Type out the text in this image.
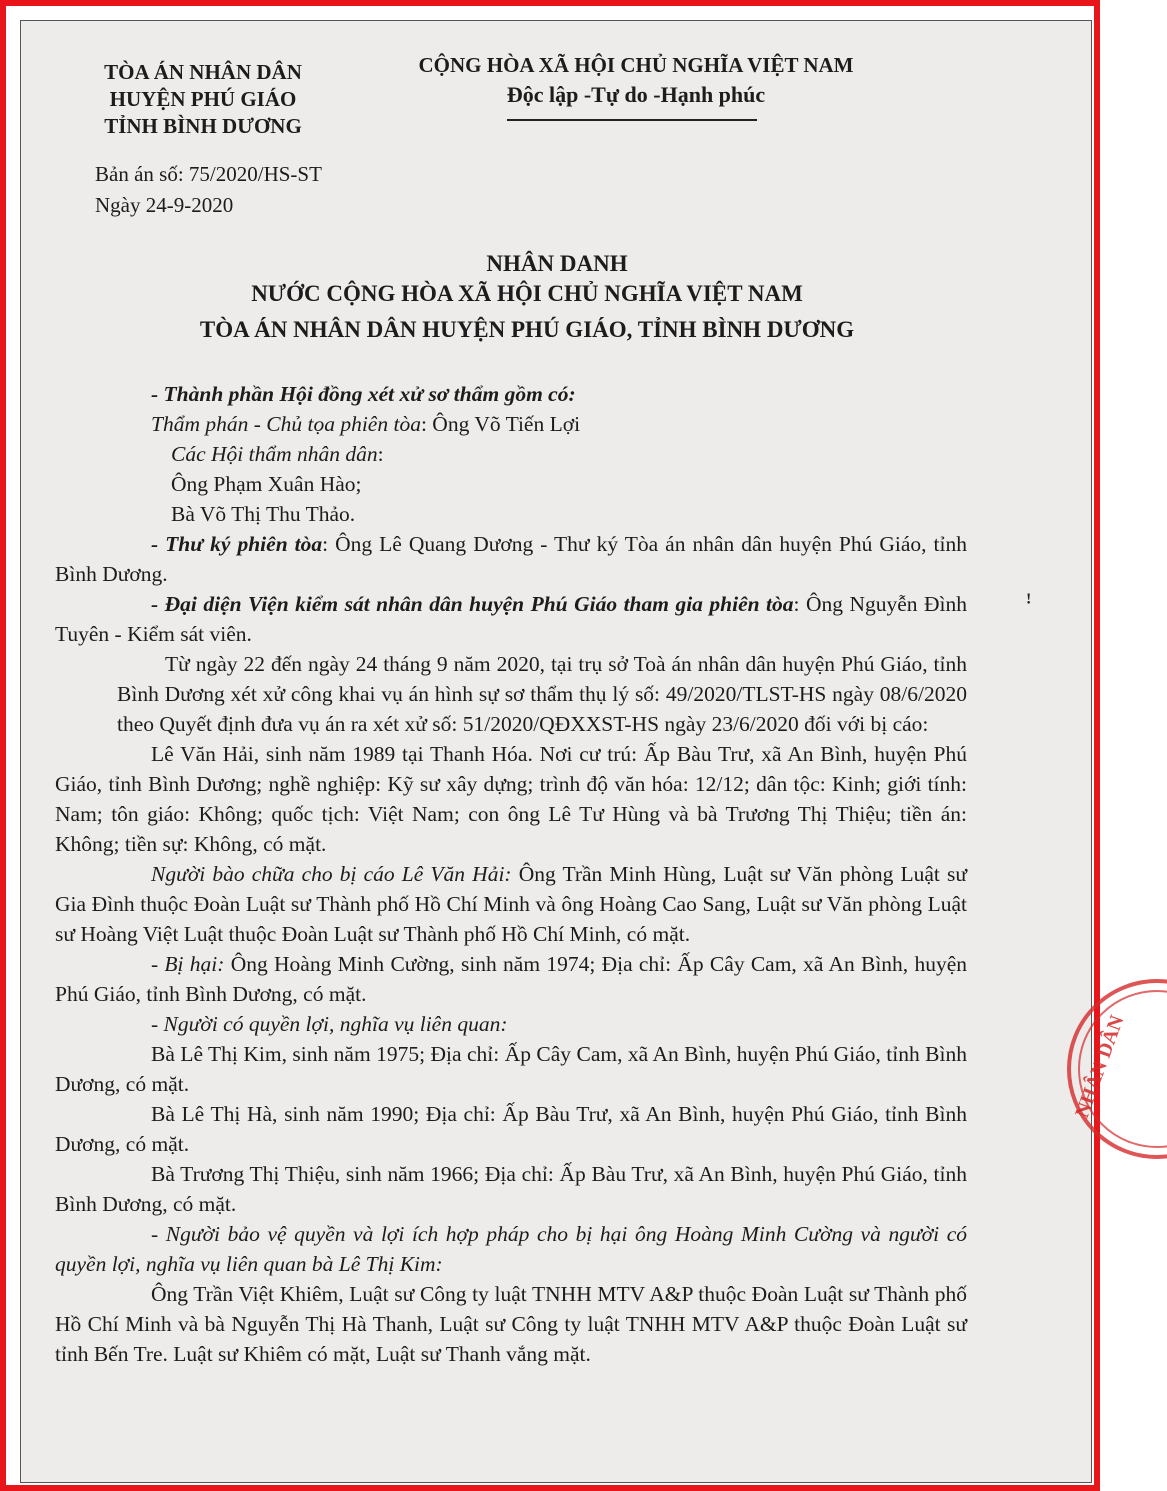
TÒA ÁN NHÂN DÂN
HUYỆN PHÚ GIÁO
TỈNH BÌNH DƯƠNG
CỘNG HÒA XÃ HỘI CHỦ NGHĨA VIỆT NAM
Độc lập -Tự do -Hạnh phúc
Bản án số: 75/2020/HS-ST
Ngày 24-9-2020
NHÂN DANH
NƯỚC CỘNG HÒA XÃ HỘI CHỦ NGHĨA VIỆT NAM
TÒA ÁN NHÂN DÂN HUYỆN PHÚ GIÁO, TỈNH BÌNH DƯƠNG

- Thành phần Hội đồng xét xử sơ thẩm gồm có:

Thẩm phán - Chủ tọa phiên tòa: Ông Võ Tiến Lợi

Các Hội thẩm nhân dân:

Ông Phạm Xuân Hào;

Bà Võ Thị Thu Thảo.

- Thư ký phiên tòa: Ông Lê Quang Dương - Thư ký Tòa án nhân dân huyện Phú Giáo, tỉnh Bình Dương.

- Đại diện Viện kiểm sát nhân dân huyện Phú Giáo tham gia phiên tòa: Ông Nguyễn Đình Tuyên - Kiểm sát viên.

Từ ngày 22 đến ngày 24 tháng 9 năm 2020, tại trụ sở Toà án nhân dân huyện Phú Giáo, tỉnh Bình Dương xét xử công khai vụ án hình sự sơ thẩm thụ lý số: 49/2020/TLST-HS ngày 08/6/2020 theo Quyết định đưa vụ án ra xét xử số: 51/2020/QĐXXST-HS ngày 23/6/2020 đối với bị cáo:

Lê Văn Hải, sinh năm 1989 tại Thanh Hóa. Nơi cư trú: Ấp Bàu Trư, xã An Bình, huyện Phú Giáo, tỉnh Bình Dương; nghề nghiệp: Kỹ sư xây dựng; trình độ văn hóa: 12/12; dân tộc: Kinh; giới tính: Nam; tôn giáo: Không; quốc tịch: Việt Nam; con ông Lê Tư Hùng và bà Trương Thị Thiệu; tiền án: Không; tiền sự: Không, có mặt.

Người bào chữa cho bị cáo Lê Văn Hải: Ông Trần Minh Hùng, Luật sư Văn phòng Luật sư Gia Đình thuộc Đoàn Luật sư Thành phố Hồ Chí Minh và ông Hoàng Cao Sang, Luật sư Văn phòng Luật sư Hoàng Việt Luật thuộc Đoàn Luật sư Thành phố Hồ Chí Minh, có mặt.

- Bị hại: Ông Hoàng Minh Cường, sinh năm 1974; Địa chỉ: Ấp Cây Cam, xã An Bình, huyện Phú Giáo, tỉnh Bình Dương, có mặt.

- Người có quyền lợi, nghĩa vụ liên quan:

Bà Lê Thị Kim, sinh năm 1975; Địa chỉ: Ấp Cây Cam, xã An Bình, huyện Phú Giáo, tỉnh Bình Dương, có mặt.

Bà Lê Thị Hà, sinh năm 1990; Địa chỉ: Ấp Bàu Trư, xã An Bình, huyện Phú Giáo, tỉnh Bình Dương, có mặt.

Bà Trương Thị Thiệu, sinh năm 1966; Địa chỉ: Ấp Bàu Trư, xã An Bình, huyện Phú Giáo, tỉnh Bình Dương, có mặt.

- Người bảo vệ quyền và lợi ích hợp pháp cho bị hại ông Hoàng Minh Cường và người có quyền lợi, nghĩa vụ liên quan bà Lê Thị Kim:

Ông Trần Việt Khiêm, Luật sư Công ty luật TNHH MTV A&P thuộc Đoàn Luật sư Thành phố Hồ Chí Minh và bà Nguyễn Thị Hà Thanh, Luật sư Công ty luật TNHH MTV A&P thuộc Đoàn Luật sư tỉnh Bến Tre. Luật sư Khiêm có mặt, Luật sư Thanh vắng mặt.

ꜝ
NHÂN DÂN
